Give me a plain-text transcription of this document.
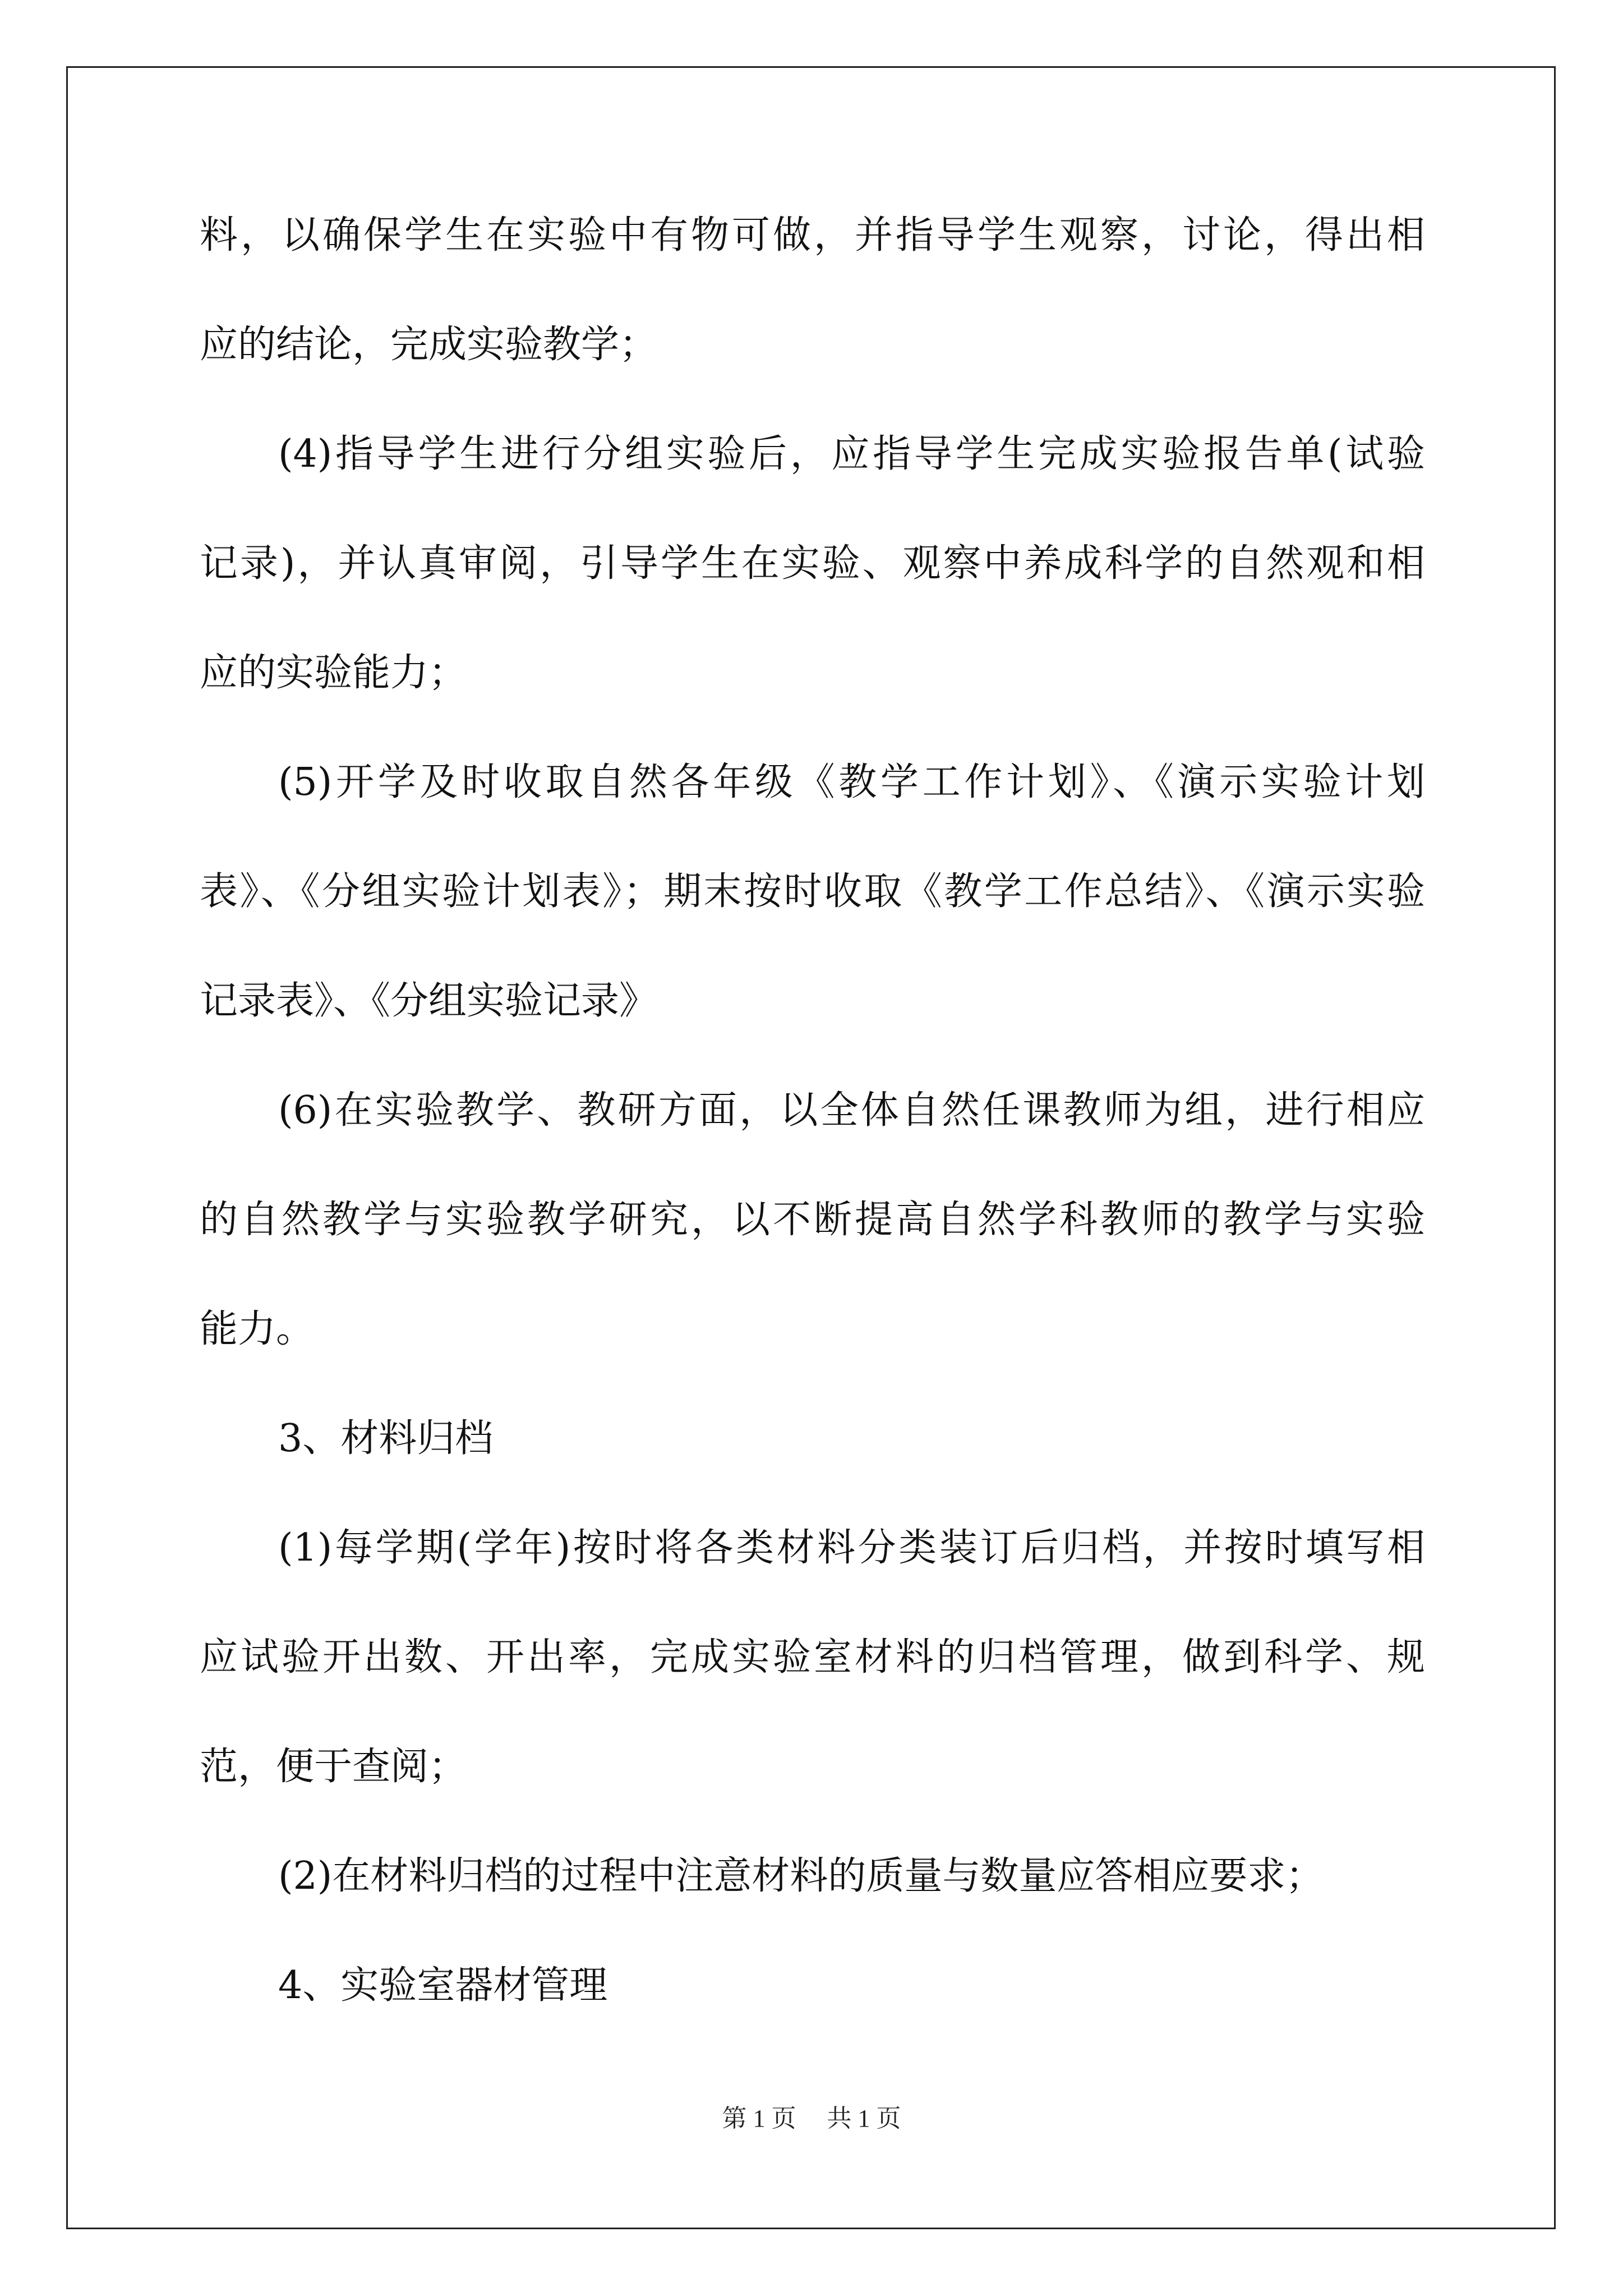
料，以确保学生在实验中有物可做，并指导学生观察，讨论，得出相
应的结论，完成实验教学；
(4)指导学生进行分组实验后，应指导学生完成实验报告单(试验
记录)，并认真审阅，引导学生在实验、观察中养成科学的自然观和相
应的实验能力；
(5)开学及时收取自然各年级《教学工作计划》、《演示实验计划
表》、《分组实验计划表》；期末按时收取《教学工作总结》、《演示实验
记录表》、《分组实验记录》
(6)在实验教学、教研方面，以全体自然任课教师为组，进行相应
的自然教学与实验教学研究，以不断提高自然学科教师的教学与实验
能力。
3、材料归档
(1)每学期(学年)按时将各类材料分类装订后归档，并按时填写相
应试验开出数、开出率，完成实验室材料的归档管理，做到科学、规
范，便于查阅；
(2)在材料归档的过程中注意材料的质量与数量应答相应要求；
4、实验室器材管理
第 1 页　 共 1 页
